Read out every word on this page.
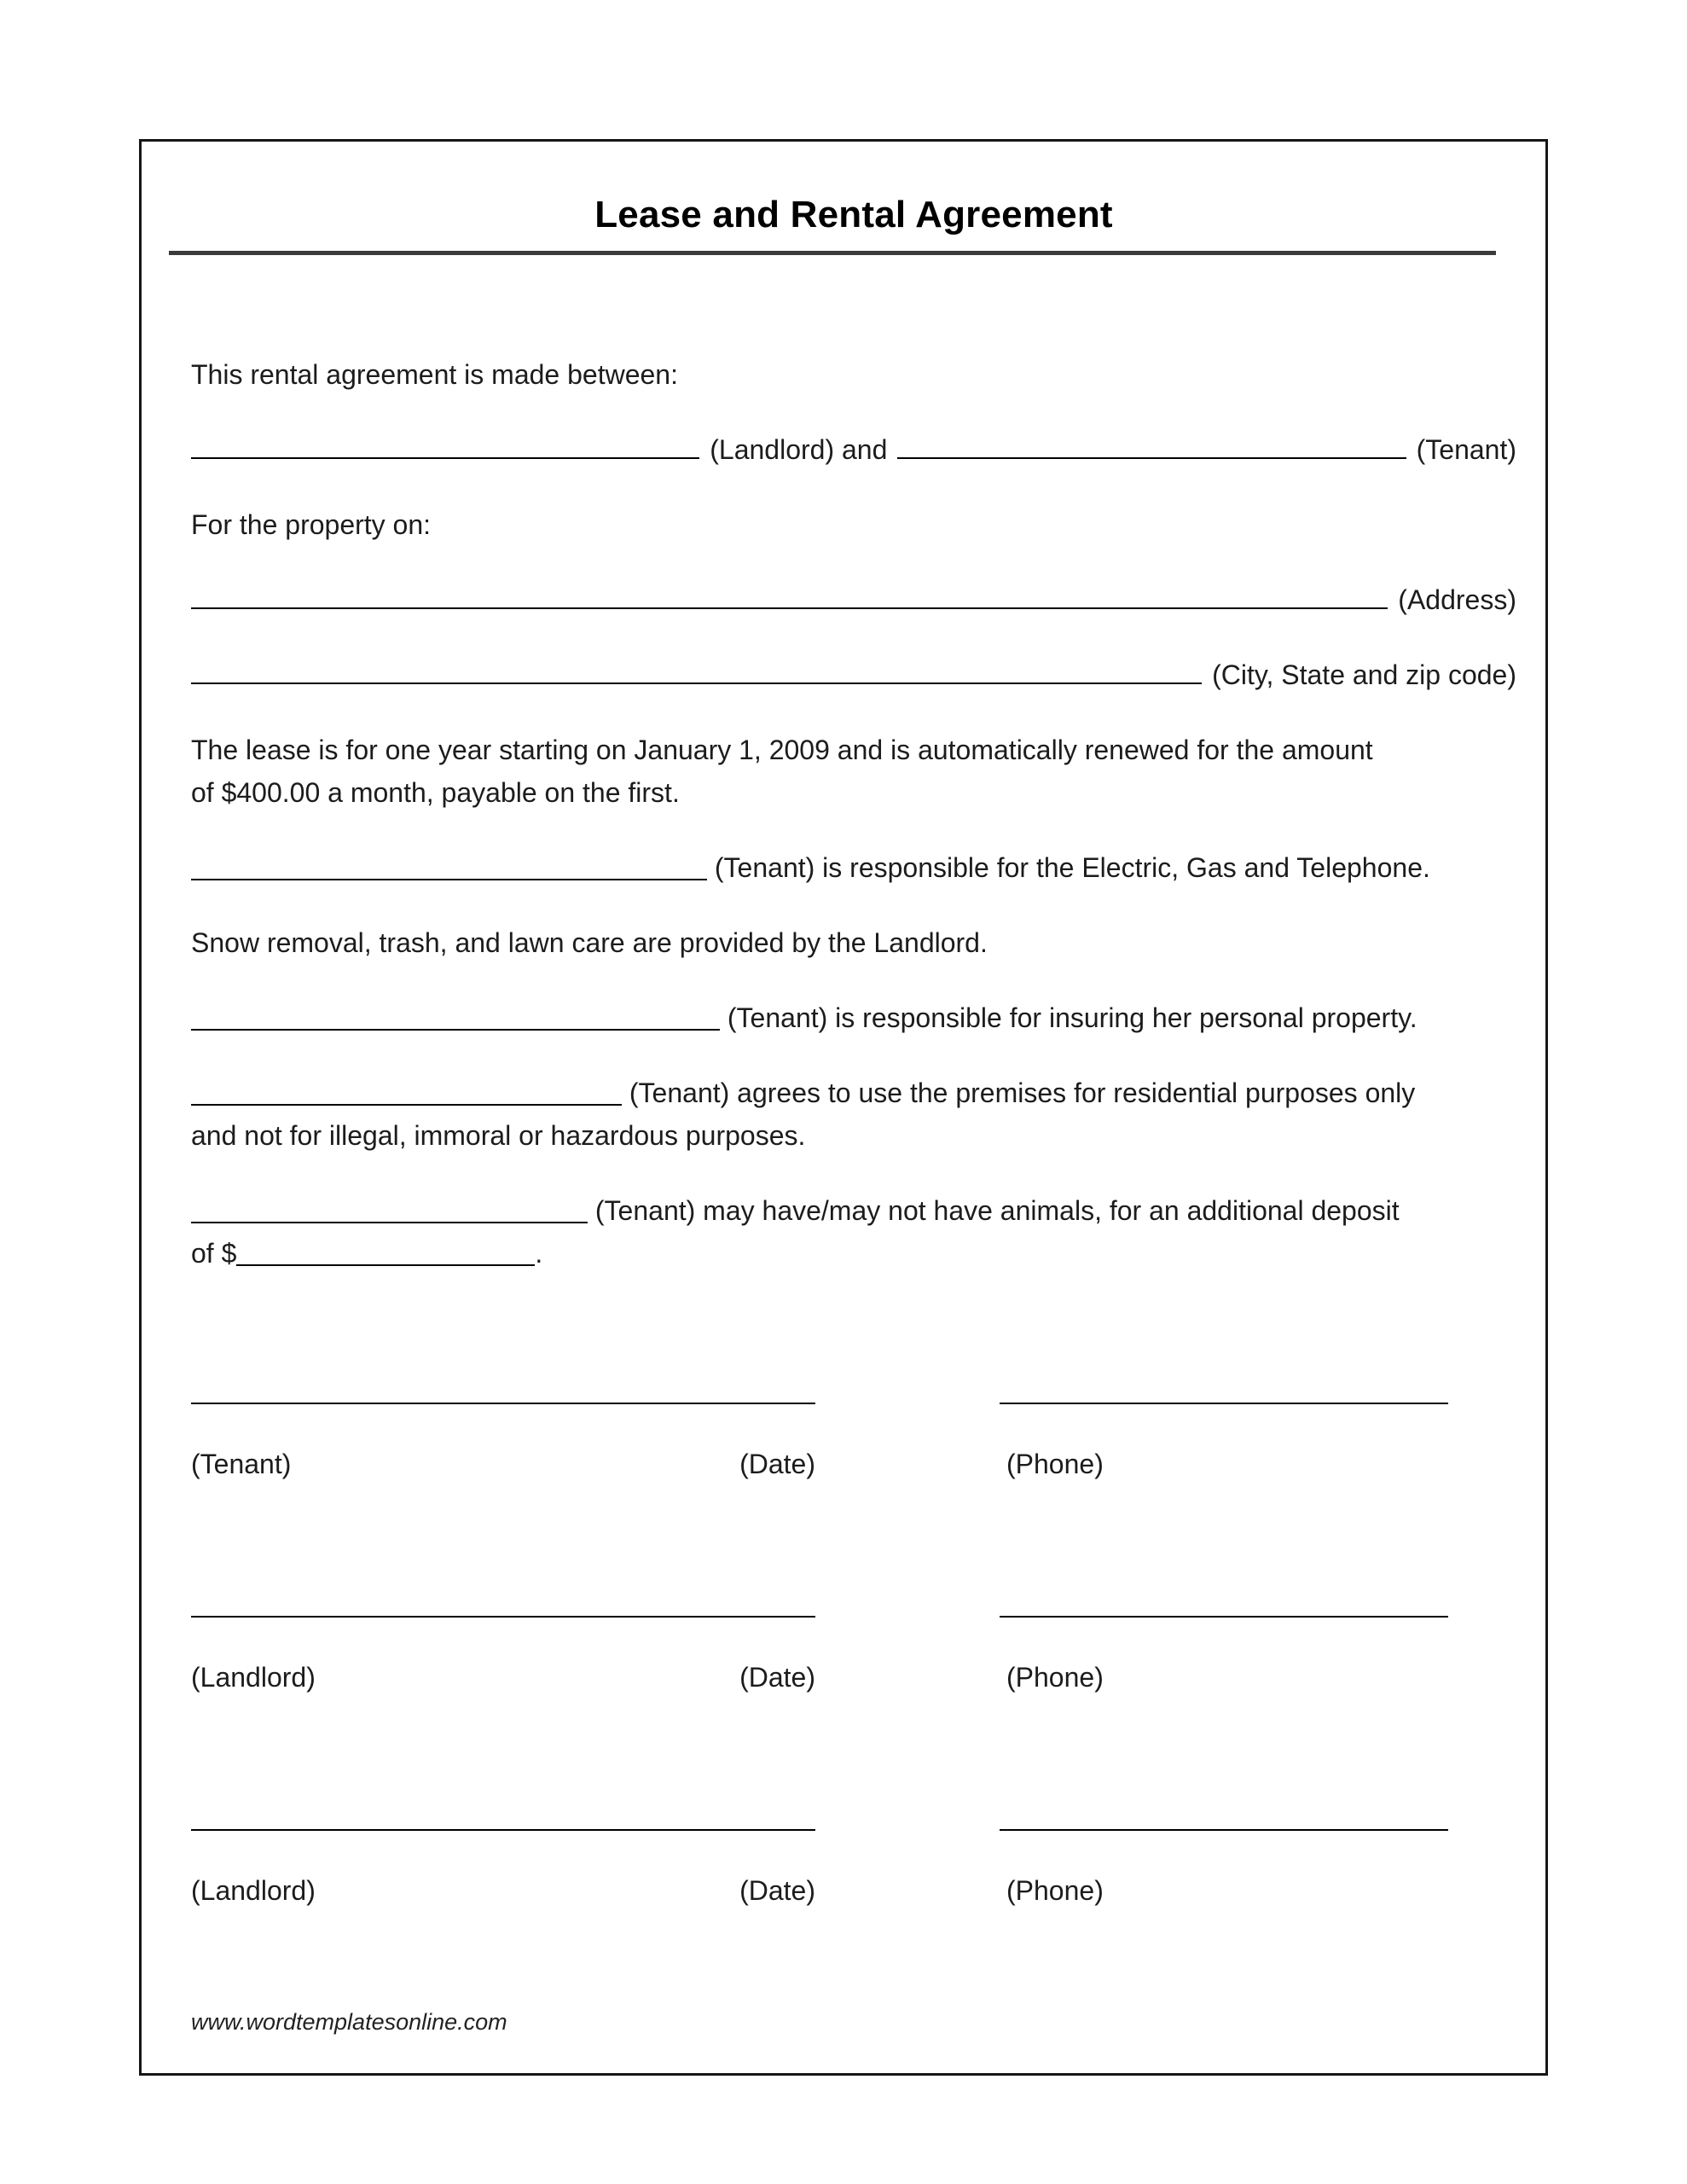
Lease and Rental Agreement

This rental agreement is made between:

(Landlord) and	(Tenant)

For the property on:

(Address)

(City, State and zip code)

The lease is for one year starting on January 1, 2009 and is automatically renewed for the amount
of $400.00 a month, payable on the first.

(Tenant) is responsible for the Electric, Gas and Telephone.

Snow removal, trash, and lawn care are provided by the Landlord.

(Tenant) is responsible for insuring her personal property.

(Tenant) agrees to use the premises for residential purposes only
and not for illegal, immoral or hazardous purposes.

(Tenant) may have/may not have animals, for an additional deposit
of $	.

(Tenant)	(Date)	(Phone)
(Landlord)	(Date)	(Phone)
(Landlord)	(Date)	(Phone)
www.wordtemplatesonline.com
